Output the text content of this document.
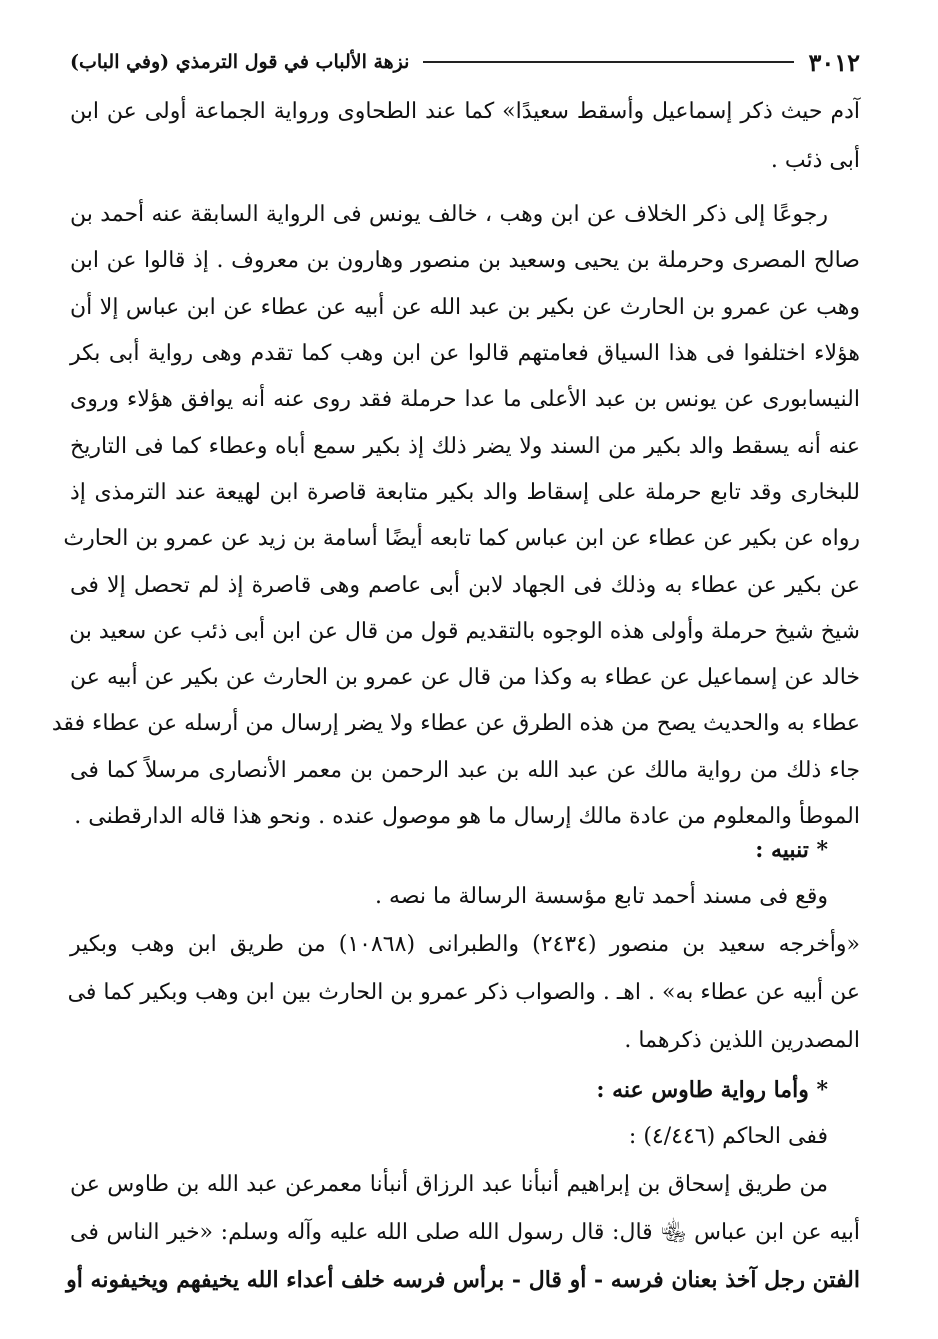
٣٠١٢
نزهة الألباب في قول الترمذي (وفي الباب)
آدم حيث ذكر إسماعيل وأسقط سعيدًا» كما عند الطحاوى ورواية الجماعة أولى عن ابن
أبى ذئب .
رجوعًا إلى ذكر الخلاف عن ابن وهب ، خالف يونس فى الرواية السابقة عنه أحمد بن
صالح المصرى وحرملة بن يحيى وسعيد بن منصور وهارون بن معروف . إذ قالوا عن ابن
وهب عن عمرو بن الحارث عن بكير بن عبد الله عن أبيه عن عطاء عن ابن عباس إلا أن
هؤلاء اختلفوا فى هذا السياق فعامتهم قالوا عن ابن وهب كما تقدم وهى رواية أبى بكر
النيسابورى عن يونس بن عبد الأعلى ما عدا حرملة فقد روى عنه أنه يوافق هؤلاء وروى
عنه أنه يسقط والد بكير من السند ولا يضر ذلك إذ بكير سمع أباه وعطاء كما فى التاريخ
للبخارى وقد تابع حرملة على إسقاط والد بكير متابعة قاصرة ابن لهيعة عند الترمذى إذ
رواه عن بكير عن عطاء عن ابن عباس كما تابعه أيضًا أسامة بن زيد عن عمرو بن الحارث
عن بكير عن عطاء به وذلك فى الجهاد لابن أبى عاصم وهى قاصرة إذ لم تحصل إلا فى
شيخ شيخ حرملة وأولى هذه الوجوه بالتقديم قول من قال عن ابن أبى ذئب عن سعيد بن
خالد عن إسماعيل عن عطاء به وكذا من قال عن عمرو بن الحارث عن بكير عن أبيه عن
عطاء به والحديث يصح من هذه الطرق عن عطاء ولا يضر إرسال من أرسله عن عطاء فقد
جاء ذلك من رواية مالك عن عبد الله بن عبد الرحمن بن معمر الأنصارى مرسلاً كما فى
الموطأ والمعلوم من عادة مالك إرسال ما هو موصول عنده . ونحو هذا قاله الدارقطنى .
* تنبيه :
وقع فى مسند أحمد تابع مؤسسة الرسالة ما نصه .
«وأخرجه سعيد بن منصور (٢٤٣٤) والطبرانى (١٠٨٦٨) من طريق ابن وهب وبكير
عن أبيه عن عطاء به» . اهـ . والصواب ذكر عمرو بن الحارث بين ابن وهب وبكير كما فى
المصدرين اللذين ذكرهما .
* وأما رواية طاوس عنه :
ففى الحاكم (٤/٤٤٦) :
من طريق إسحاق بن إبراهيم أنبأنا عبد الرزاق أنبأنا معمرعن عبد الله بن طاوس عن
أبيه عن ابن عباس ﵄ قال: قال رسول الله صلى الله عليه وآله وسلم: «خير الناس فى
الفتن رجل آخذ بعنان فرسه - أو قال - برأس فرسه خلف أعداء الله يخيفهم ويخيفونه أو
